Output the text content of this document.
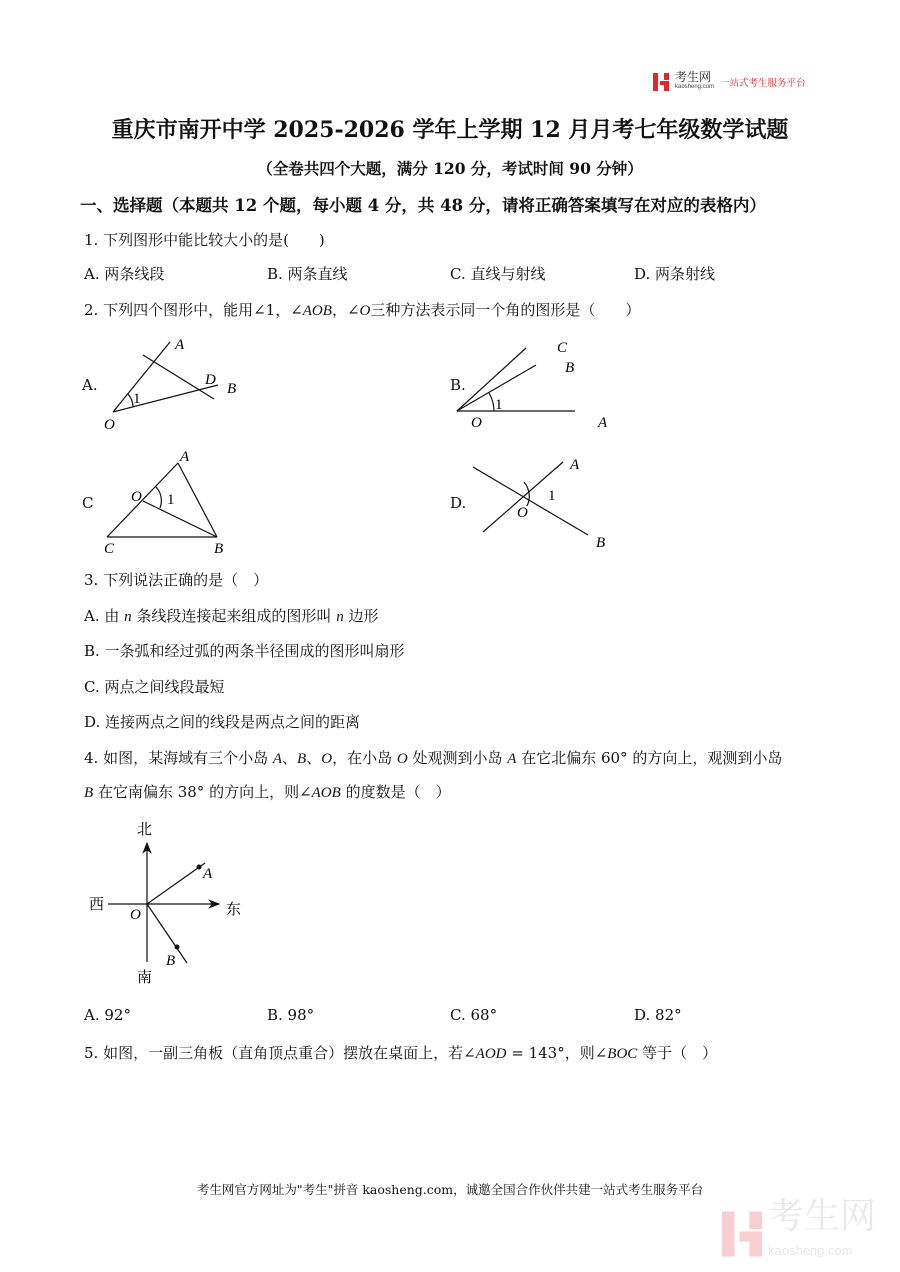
考生网
kaosheng.com 一站式考生服务平台
重庆市南开中学 2025-2026 学年上学期 12 月月考七年级数学试题
（全卷共四个大题，满分 120 分，考试时间 90 分钟）
一、选择题（本题共 12 个题，每小题 4 分，共 48 分，请将正确答案填写在对应的表格内）
1. 下列图形中能比较大小的是(　　)
A. 两条线段	B. 两条直线	C. 直线与射线	D. 两条射线
2. 下列四个图形中，能用∠1，∠AOB，∠O三种方法表示同一个角的图形是（　　）
A.	B.
C	D.
A
D
B
O
1
C
B
O	A
1
A
O 1
C	B
A
1
O
B
北
南
西	东
O
A
B
3. 下列说法正确的是（　）
A. 由 n 条线段连接起来组成的图形叫 n 边形
B. 一条弧和经过弧的两条半径围成的图形叫扇形
C. 两点之间线段最短
D. 连接两点之间的线段是两点之间的距离
4. 如图，某海域有三个小岛 A、B、O，在小岛 O 处观测到小岛 A 在它北偏东 60° 的方向上，观测到小岛
B 在它南偏东 38° 的方向上，则∠AOB 的度数是（　）
A. 92°	B. 98°	C. 68°	D. 82°
5. 如图，一副三角板（直角顶点重合）摆放在桌面上，若∠AOD = 143°，则∠BOC 等于（　）
考生网官方网址为"考生"拼音 kaosheng.com，诚邀全国合作伙伴共建一站式考生服务平台
考生网
kaosheng.com
